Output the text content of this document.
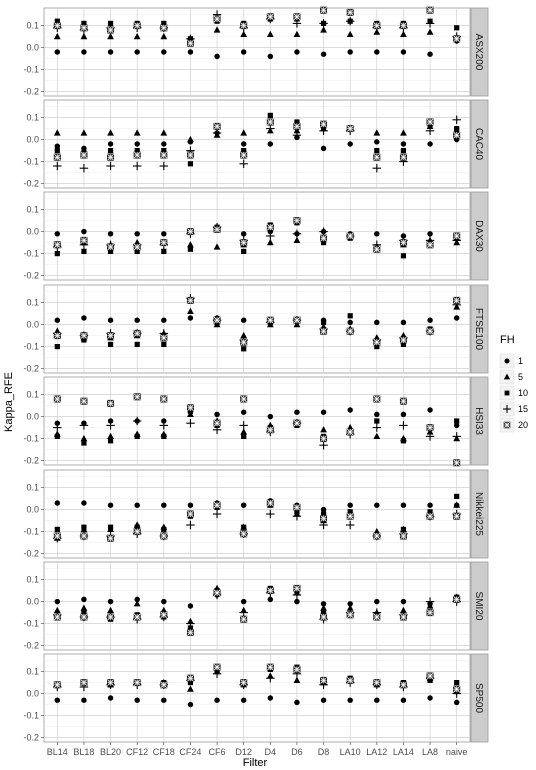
-0.2
-0.1
0.0
0.1
ASX200
-0.2
-0.1
0.0
0.1
CAC40
-0.2
-0.1
0.0
0.1
DAX30
-0.2
-0.1
0.0
0.1
FTSE100
-0.2
-0.1
0.0
0.1
HSI33
-0.2
-0.1
0.0
0.1
Nikkei225
-0.2
-0.1
0.0
0.1
SMI20
-0.2
-0.1
0.0
0.1
SP500
BL14 BL18 BL20 CF12 CF18 CF24 CF6 D12 D4 D6 D8 LA10 LA12 LA14 LA8 naive
Filter
Kappa_RFE
FH
1
5
10
15
20
